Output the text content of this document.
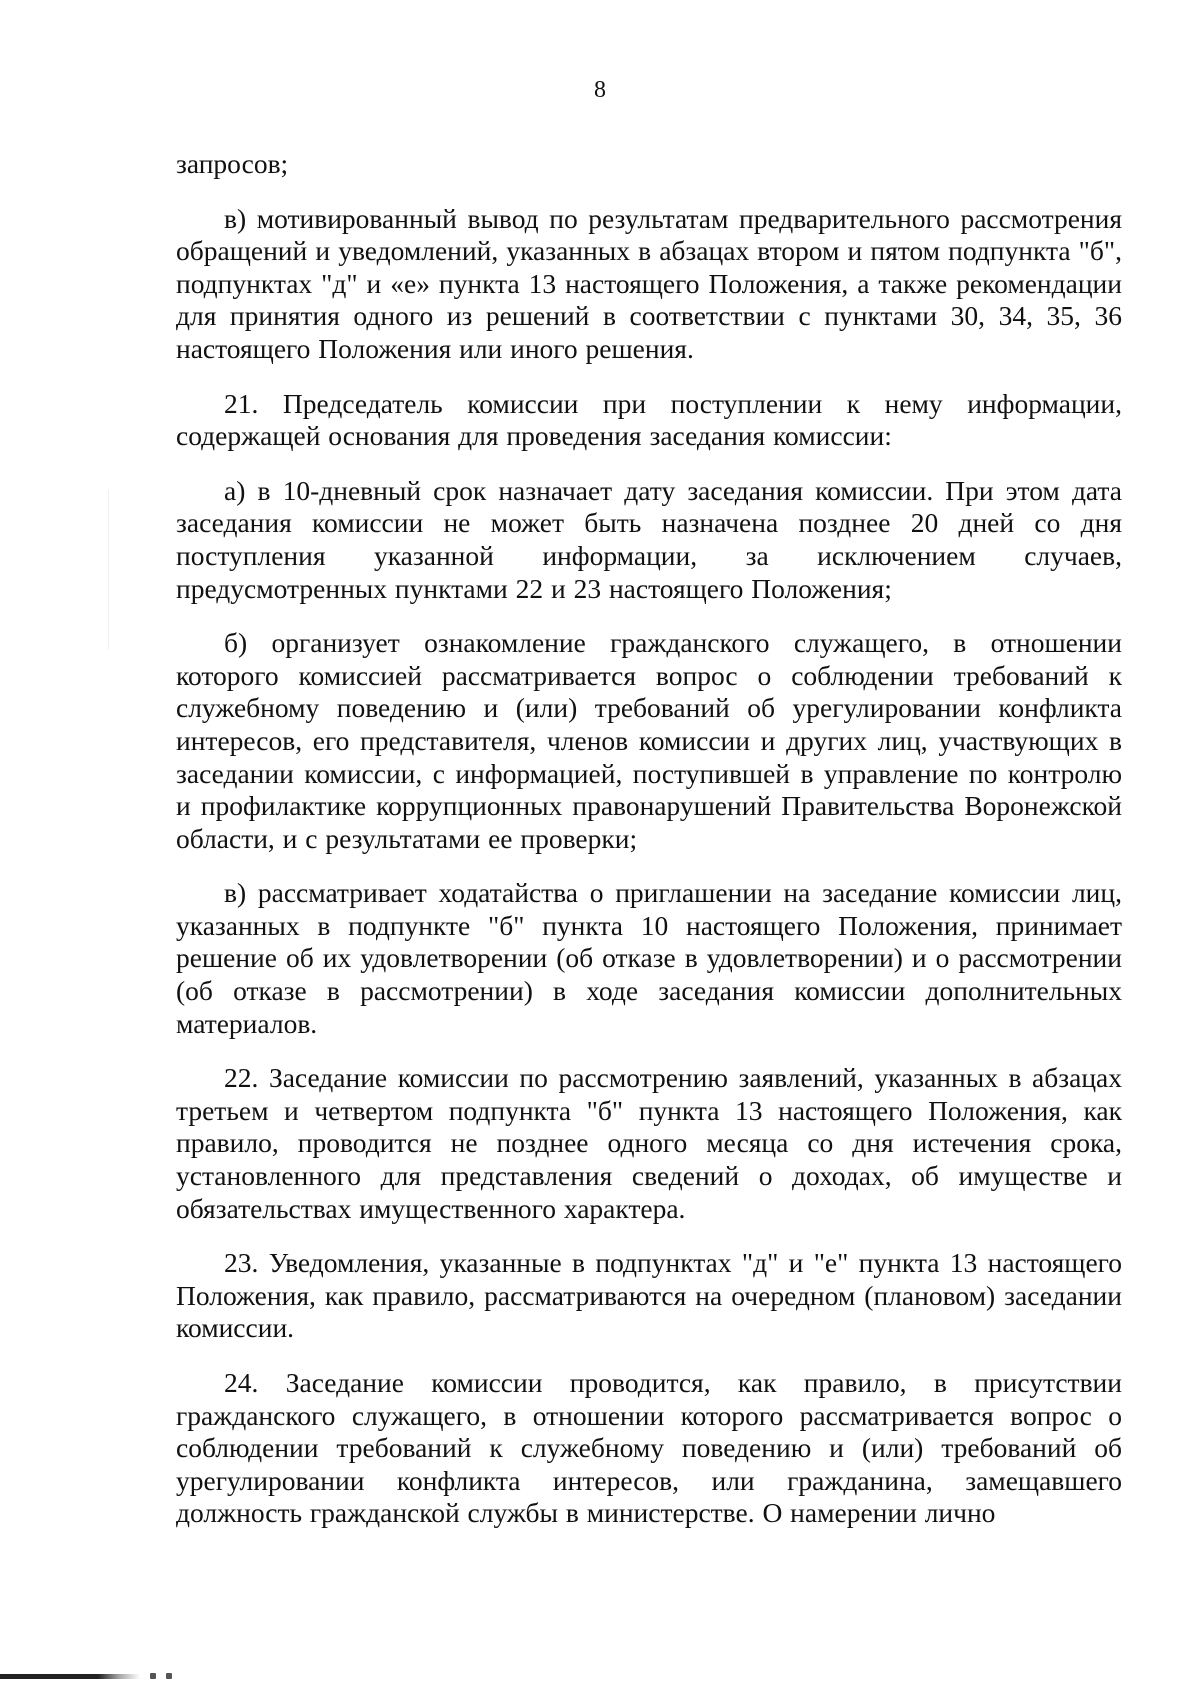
8

запросов;

в) мотивированный вывод по результатам предварительного рассмотрения обращений и уведомлений, указанных в абзацах втором и пятом подпункта "б", подпунктах "д" и «е» пункта 13 настоящего Положения, а также рекомендации для принятия одного из решений в соответствии с пунктами 30, 34, 35, 36 настоящего Положения или иного решения.

21. Председатель комиссии при поступлении к нему информации, содержащей основания для проведения заседания комиссии:

а) в 10-дневный срок назначает дату заседания комиссии. При этом дата заседания комиссии не может быть назначена позднее 20 дней со дня поступления указанной информации, за исключением случаев, предусмотренных пунктами 22 и 23 настоящего Положения;

б) организует ознакомление гражданского служащего, в отношении которого комиссией рассматривается вопрос о соблюдении требований к служебному поведению и (или) требований об урегулировании конфликта интересов, его представителя, членов комиссии и других лиц, участвующих в заседании комиссии, с информацией, поступившей в управление по контролю и профилактике коррупционных правонарушений Правительства Воронежской области, и с результатами ее проверки;

в) рассматривает ходатайства о приглашении на заседание комиссии лиц, указанных в подпункте "б" пункта 10 настоящего Положения, принимает решение об их удовлетворении (об отказе в удовлетворении) и о рассмотрении (об отказе в рассмотрении) в ходе заседания комиссии дополнительных материалов.

22. Заседание комиссии по рассмотрению заявлений, указанных в абзацах третьем и четвертом подпункта "б" пункта 13 настоящего Положения, как правило, проводится не позднее одного месяца со дня истечения срока, установленного для представления сведений о доходах, об имуществе и обязательствах имущественного характера.

23. Уведомления, указанные в подпунктах "д" и "е" пункта 13 настоящего Положения, как правило, рассматриваются на очередном (плановом) заседании комиссии.

24. Заседание комиссии проводится, как правило, в присутствии гражданского служащего, в отношении которого рассматривается вопрос о соблюдении требований к служебному поведению и (или) требований об урегулировании конфликта интересов, или гражданина, замещавшего должность гражданской службы в министерстве. О намерении лично
